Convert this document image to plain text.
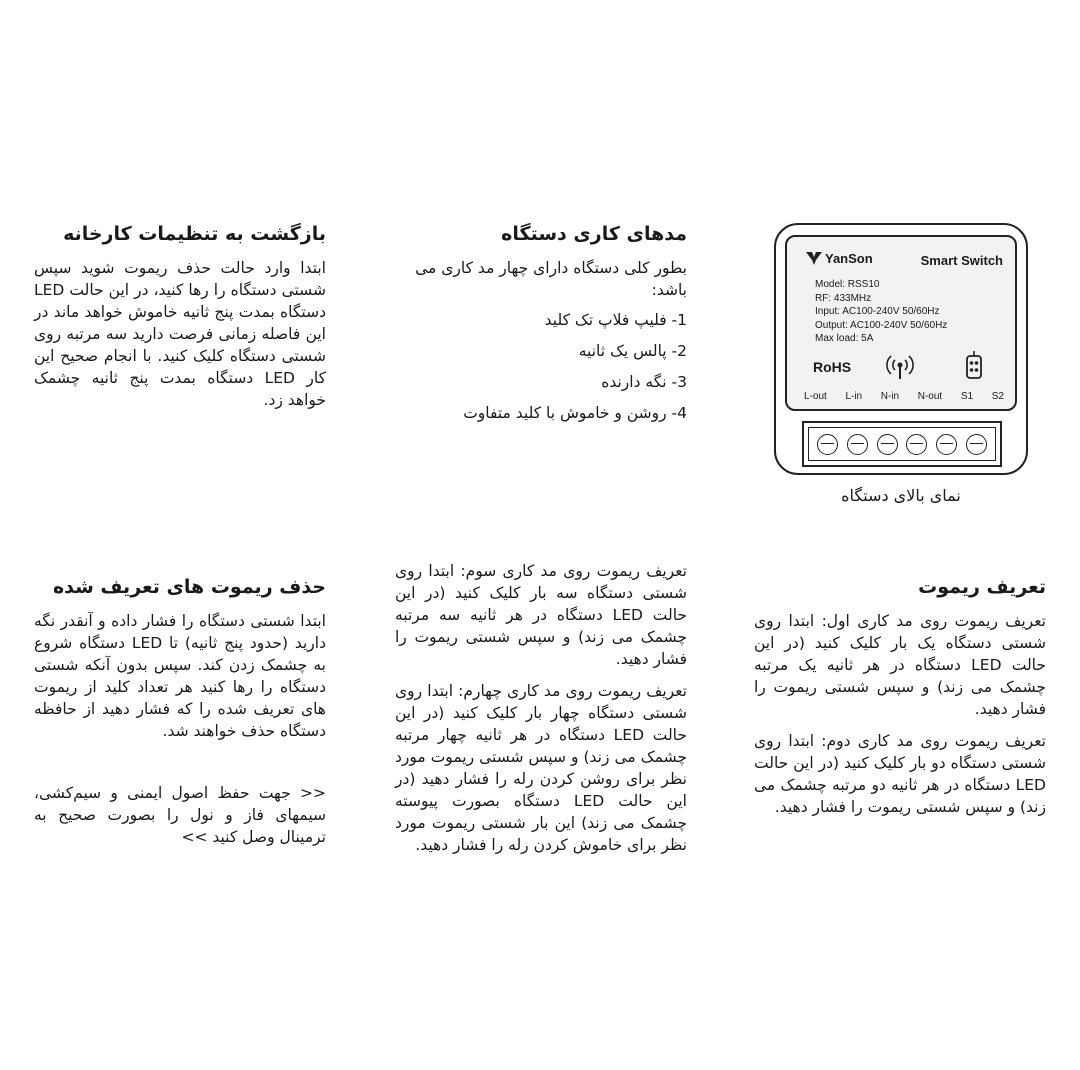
بازگشت به تنظیمات کارخانه
ابتدا وارد حالت حذف ریموت شوید سپس شستی دستگاه را رها کنید، در این حالت LED دستگاه بمدت پنج ثانیه خاموش خواهد ماند در این فاصله زمانی فرصت دارید سه مرتبه روی شستی دستگاه کلیک کنید. با انجام صحیح این کار LED دستگاه بمدت پنج ثانیه چشمک خواهد زد.
مدهای کاری دستگاه
بطور کلی دستگاه دارای چهار مد کاری می باشد:
1- فلیپ فلاپ تک کلید
2- پالس یک ثانیه
3- نگه دارنده
4- روشن و خاموش با کلید متفاوت
YanSon	Smart Switch
Model: RSS10
RF: 433MHz
Input: AC100-240V 50/60Hz
Output: AC100-240V 50/60Hz
Max load: 5A
RoHS
L-out L-in N-in N-out S1 S2
نمای بالای دستگاه
حذف ریموت های تعریف شده
ابتدا شستی دستگاه را فشار داده و آنقدر نگه دارید (حدود پنج ثانیه) تا LED دستگاه شروع به چشمک زدن کند. سپس بدون آنکه شستی دستگاه را رها کنید هر تعداد کلید از ریموت های تعریف شده را که فشار دهید از حافظه دستگاه حذف خواهند شد.
<< جهت حفظ اصول ایمنی و سیم‌کشی، سیمهای فاز و نول را بصورت صحیح به ترمینال وصل کنید >>
تعریف ریموت روی مد کاری سوم: ابتدا روی شستی دستگاه سه بار کلیک کنید (در این حالت LED دستگاه در هر ثانیه سه مرتبه چشمک می زند) و سپس شستی ریموت را فشار دهید.
تعریف ریموت روی مد کاری چهارم: ابتدا روی شستی دستگاه چهار بار کلیک کنید (در این حالت LED دستگاه در هر ثانیه چهار مرتبه چشمک می زند) و سپس شستی ریموت مورد نظر برای روشن کردن رله را فشار دهید (در این حالت LED دستگاه بصورت پیوسته چشمک می زند) این بار شستی ریموت مورد نظر برای خاموش کردن رله را فشار دهید.
تعریف ریموت
تعریف ریموت روی مد کاری اول: ابتدا روی شستی دستگاه یک بار کلیک کنید (در این حالت LED دستگاه در هر ثانیه یک مرتبه چشمک می زند) و سپس شستی ریموت را فشار دهید.
تعریف ریموت روی مد کاری دوم: ابتدا روی شستی دستگاه دو بار کلیک کنید (در این حالت LED دستگاه در هر ثانیه دو مرتبه چشمک می زند) و سپس شستی ریموت را فشار دهید.
